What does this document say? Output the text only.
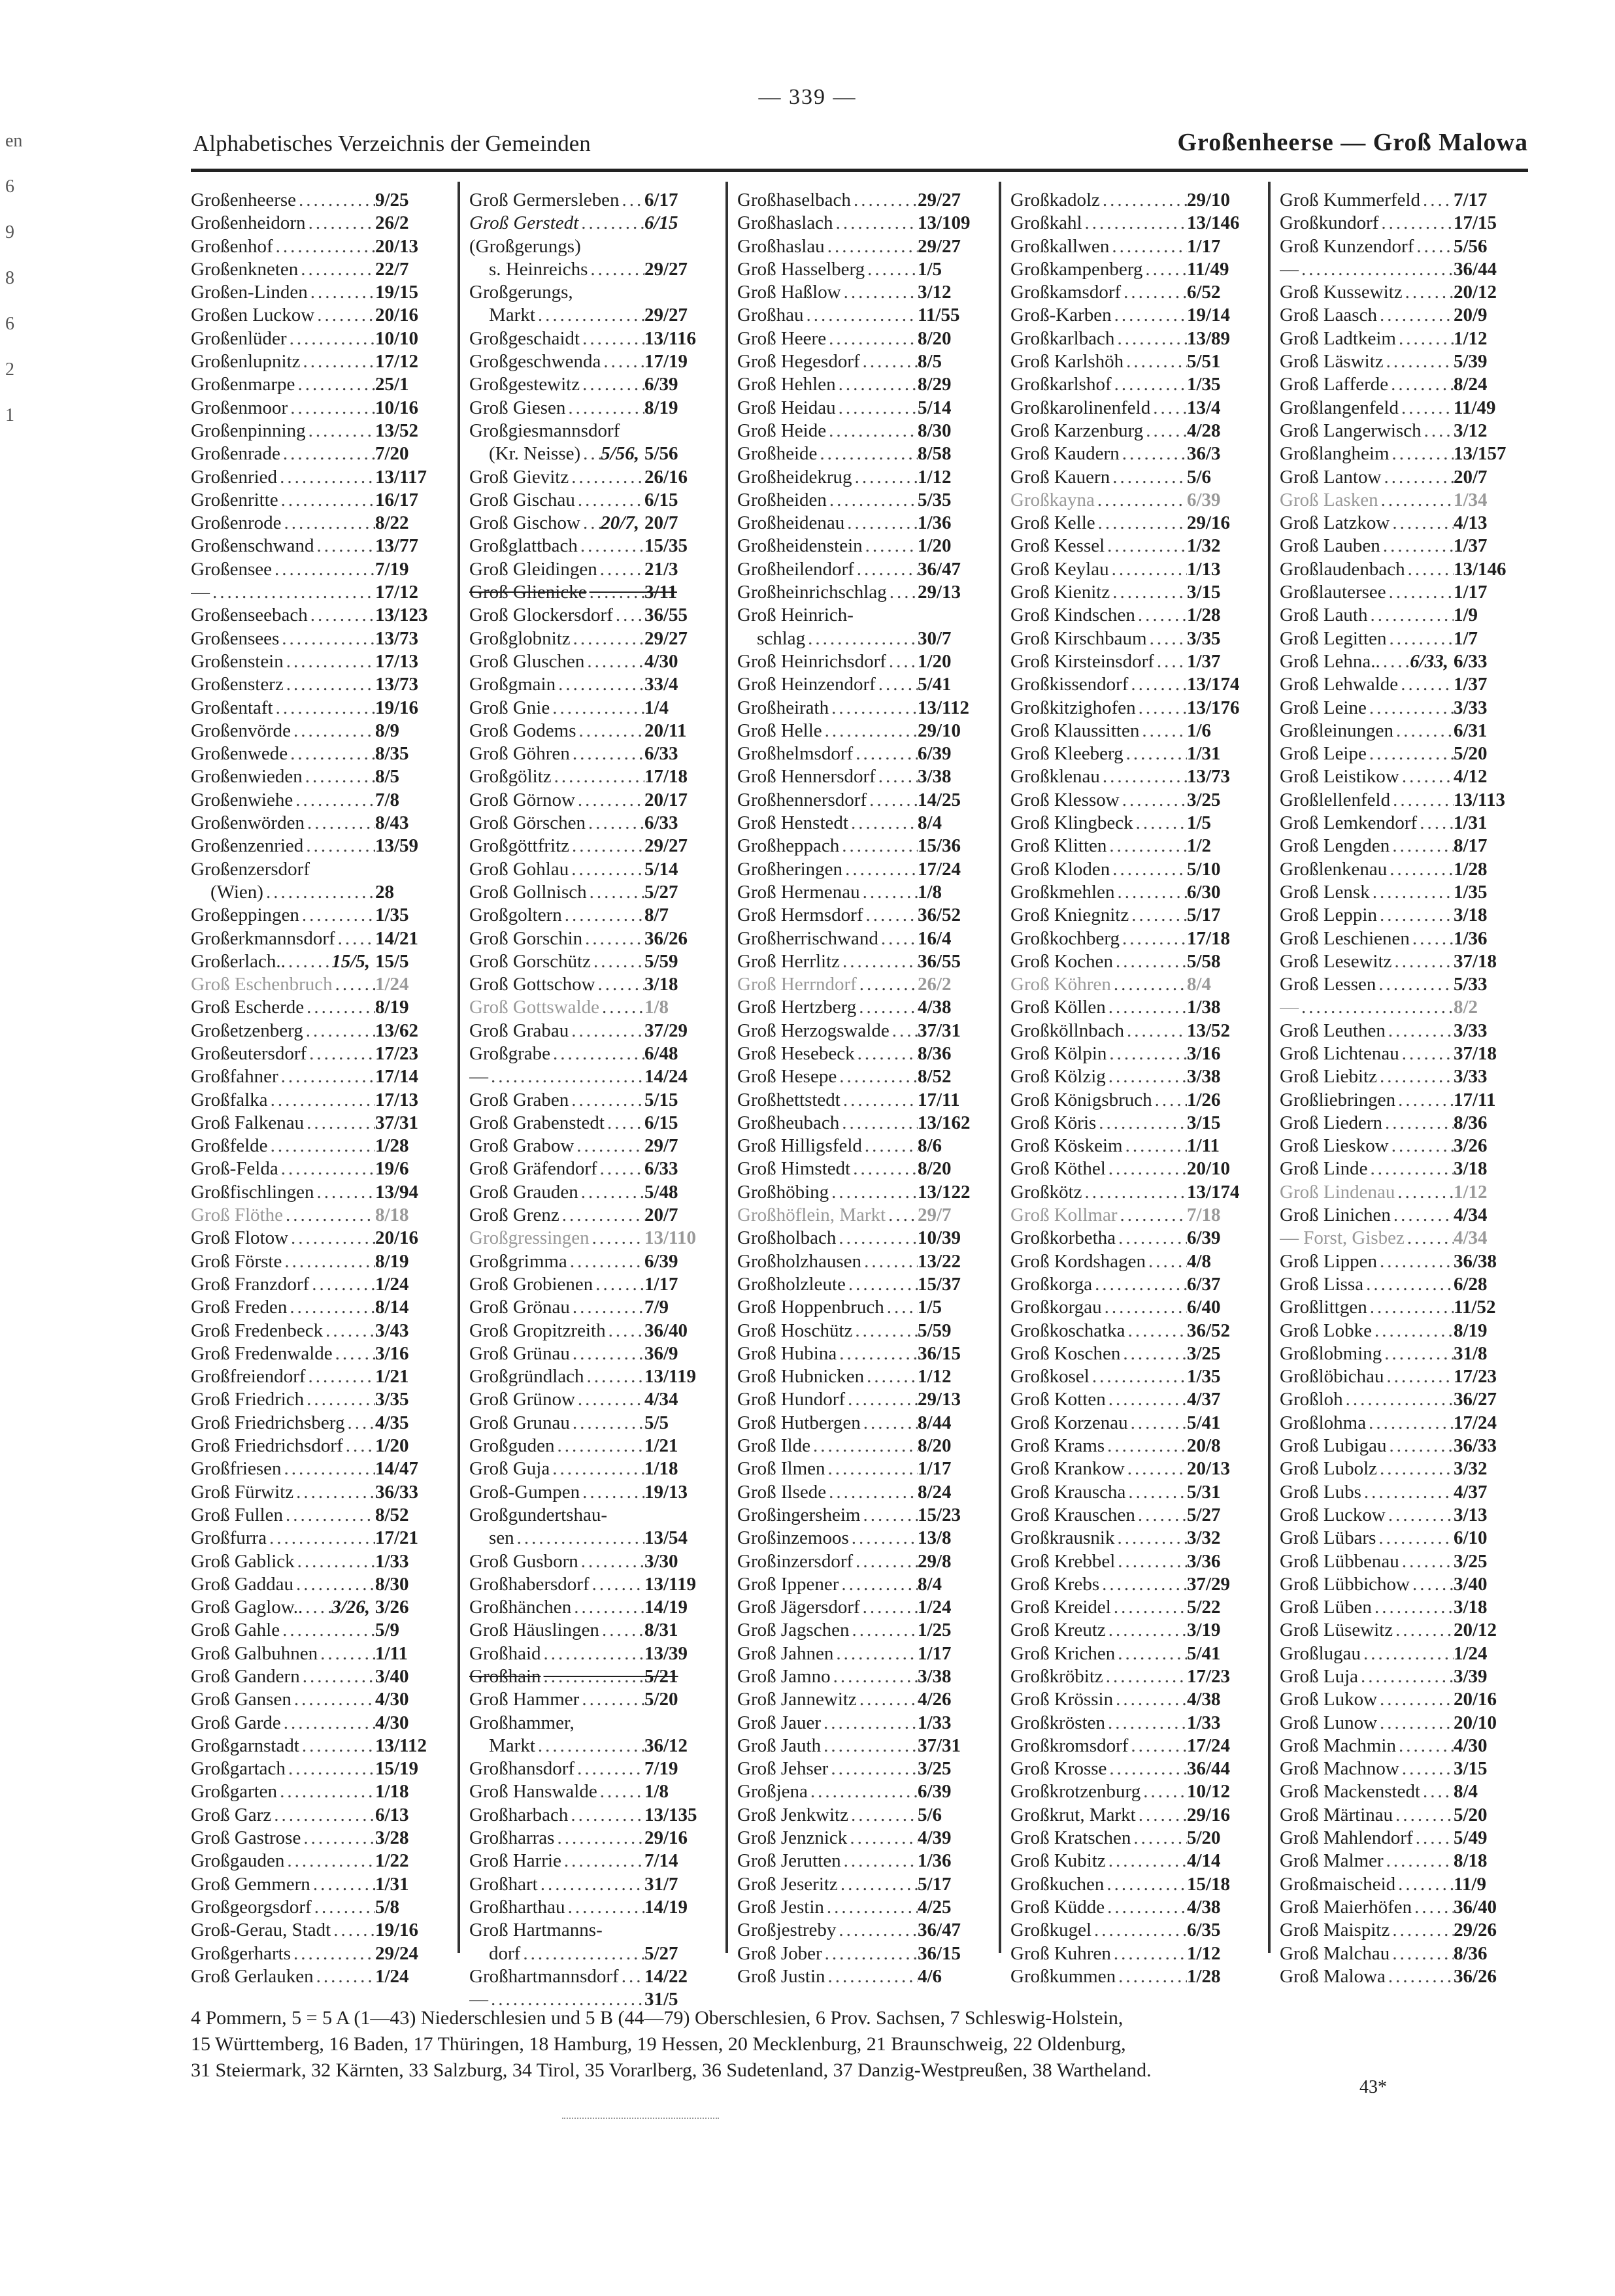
— 339 —
Alphabetisches Verzeichnis der Gemeinden	Großenheerse — Groß Malowa
en
6
9
8
6
2
1
Großenheerse .....	9/25
Großenheidorn .....	26/2
Großenhof .....	20/13
Großenkneten .....	22/7
Großen-Linden .....	19/15
Großen Luckow .....	20/16
Großenlüder .....	10/10
Großenlupnitz .....	17/12
Großenmarpe .....	25/1
Großenmoor .....	10/16
Großenpinning .....	13/52
Großenrade .....	7/20
Großenried .....	13/117
Großenritte .....	16/17
Großenrode .....	8/22
Großenschwand .....	13/77
Großensee .....	7/19
— .....	17/12
Großenseebach .....	13/123
Großensees .....	13/73
Großenstein .....	17/13
Großensterz .....	13/73
Großentaft .....	19/16
Großenvörde .....	8/9
Großenwede .....	8/35
Großenwieden .....	8/5
Großenwiehe .....	7/8
Großenwörden .....	8/43
Großenzenried .....	13/59
Großenzersdorf
(Wien) .....	28
Großeppingen .....	1/35
Großerkmannsdorf ..... 14/21
Großerlach.. ..... 15/5, 15/5
Groß Eschenbruch ..... 1/24
Groß Escherde .....	8/19
Großetzenberg .....	13/62
Großeutersdorf .....	17/23
Großfahner .....	17/14
Großfalka .....	17/13
Groß Falkenau .....	37/31
Großfelde .....	1/28
Groß-Felda .....	19/6
Großfischlingen .....	13/94
Groß Flöthe .....	8/18
Groß Flotow .....	20/16
Groß Förste .....	8/19
Groß Franzdorf .....	1/24
Groß Freden .....	8/14
Groß Fredenbeck .....	3/43
Groß Fredenwalde ..... 3/16
Großfreiendorf .....	1/21
Groß Friedrich .....	3/35
Groß Friedrichsberg ..... 4/35
Groß Friedrichsdorf ..... 1/20
Großfriesen .....	14/47
Groß Fürwitz .....	36/33
Groß Fullen .....	8/52
Großfurra .....	17/21
Groß Gablick .....	1/33
Groß Gaddau .....	8/30
Groß Gaglow.. ..... 3/26, 3/26
Groß Gahle .....	5/9
Groß Galbuhnen .....	1/11
Groß Gandern .....	3/40
Groß Gansen .....	4/30
Groß Garde .....	4/30
Großgarnstadt .....	13/112
Großgartach .....	15/19
Großgarten .....	1/18
Groß Garz .....	6/13
Groß Gastrose .....	3/28
Großgauden .....	1/22
Groß Gemmern .....	1/31
Großgeorgsdorf .....	5/8
Groß-Gerau, Stadt ..... 19/16
Großgerharts .....	29/24
Groß Gerlauken .....	1/24
Groß Germersleben ..... 6/17
Groß Gerstedt .....	6/15
(Großgerungs)
s. Heinreichs .....	29/27
Großgerungs,
Markt .....	29/27
Großgeschaidt .....	13/116
Großgeschwenda ..... 17/19
Großgestewitz .....	6/39
Groß Giesen .....	8/19
Großgiesmannsdorf
(Kr. Neisse) ..... 5/56, 5/56
Groß Gievitz .....	26/16
Groß Gischau .....	6/15
Groß Gischow ..... 20/7, 20/7
Großglattbach .....	15/35
Groß Gleidingen ..... 21/3
Groß Glienicke .....	3/11
Groß Glockersdorf ..... 36/55
Großglobnitz .....	29/27
Groß Gluschen .....	4/30
Großgmain .....	33/4
Groß Gnie .....	1/4
Groß Godems .....	20/11
Groß Göhren .....	6/33
Großgölitz .....	17/18
Groß Görnow .....	20/17
Groß Görschen .....	6/33
Großgöttfritz .....	29/27
Groß Gohlau .....	5/14
Groß Gollnisch .....	5/27
Großgoltern .....	8/7
Groß Gorschin .....	36/26
Groß Gorschütz .....	5/59
Groß Gottschow .....	3/18
Groß Gottswalde ..... 1/8
Groß Grabau .....	37/29
Großgrabe .....	6/48
— .....	14/24
Groß Graben .....	5/15
Groß Grabenstedt ..... 6/15
Groß Grabow .....	29/7
Groß Gräfendorf ..... 6/33
Groß Grauden .....	5/48
Groß Grenz .....	20/7
Großgressingen .....	13/110
Großgrimma .....	6/39
Groß Grobienen .....	1/17
Groß Grönau .....	7/9
Groß Gropitzreith ..... 36/40
Groß Grünau .....	36/9
Großgründlach .....	13/119
Groß Grünow .....	4/34
Groß Grunau .....	5/5
Großguden .....	1/21
Groß Guja .....	1/18
Groß-Gumpen .....	19/13
Großgundertshau-
sen .....	13/54
Groß Gusborn .....	3/30
Großhabersdorf .....	13/119
Großhänchen .....	14/19
Groß Häuslingen ..... 8/31
Großhaid .....	13/39
Großhain .....	5/21
Groß Hammer .....	5/20
Großhammer,
Markt .....	36/12
Großhansdorf .....	7/19
Groß Hanswalde ..... 1/8
Großharbach .....	13/135
Großharras .....	29/16
Groß Harrie .....	7/14
Großhart .....	31/7
Großharthau .....	14/19
Groß Hartmanns-
dorf .....	5/27
Großhartmannsdorf ..... 14/22
— .....	31/5
Großhaselbach .....	29/27
Großhaslach .....	13/109
Großhaslau .....	29/27
Groß Hasselberg .....	1/5
Groß Haßlow .....	3/12
Großhau .....	11/55
Groß Heere .....	8/20
Groß Hegesdorf .....	8/5
Groß Hehlen .....	8/29
Groß Heidau .....	5/14
Groß Heide .....	8/30
Großheide .....	8/58
Großheidekrug .....	1/12
Großheiden .....	5/35
Großheidenau .....	1/36
Großheidenstein .....	1/20
Großheilendorf .....	36/47
Großheinrichschlag ..... 29/13
Groß Heinrich-
schlag .....	30/7
Groß Heinrichsdorf ..... 1/20
Groß Heinzendorf ..... 5/41
Großheirath .....	13/112
Groß Helle .....	29/10
Großhelmsdorf .....	6/39
Groß Hennersdorf ..... 3/38
Großhennersdorf .....	14/25
Groß Henstedt .....	8/4
Großheppach .....	15/36
Großheringen .....	17/24
Groß Hermenau .....	1/8
Groß Hermsdorf .....	36/52
Großherrischwand ..... 16/4
Groß Herrlitz .....	36/55
Groß Herrndorf .....	26/2
Groß Hertzberg .....	4/38
Groß Herzogswalde ..... 37/31
Groß Hesebeck .....	8/36
Groß Hesepe .....	8/52
Großhettstedt .....	17/11
Großheubach .....	13/162
Groß Hilligsfeld .....	8/6
Groß Himstedt .....	8/20
Großhöbing .....	13/122
Großhöflein, Markt ..... 29/7
Großholbach .....	10/39
Großholzhausen .....	13/22
Großholzleute .....	15/37
Groß Hoppenbruch ..... 1/5
Groß Hoschütz .....	5/59
Groß Hubina .....	36/15
Groß Hubnicken .....	1/12
Groß Hundorf .....	29/13
Groß Hutbergen .....	8/44
Groß Ilde .....	8/20
Groß Ilmen .....	1/17
Groß Ilsede .....	8/24
Großingersheim .....	15/23
Großinzemoos .....	13/8
Großinzersdorf .....	29/8
Groß Ippener .....	8/4
Groß Jägersdorf .....	1/24
Groß Jagschen .....	1/25
Groß Jahnen .....	1/17
Groß Jamno .....	3/38
Groß Jannewitz .....	4/26
Groß Jauer .....	1/33
Groß Jauth .....	37/31
Groß Jehser .....	3/25
Großjena .....	6/39
Groß Jenkwitz .....	5/6
Groß Jenznick .....	4/39
Groß Jerutten .....	1/36
Groß Jeseritz .....	5/17
Groß Jestin .....	4/25
Großjestreby .....	36/47
Groß Jober .....	36/15
Groß Justin .....	4/6
Großkadolz .....	29/10
Großkahl .....	13/146
Großkallwen .....	1/17
Großkampenberg ..... 11/49
Großkamsdorf .....	6/52
Groß-Karben .....	19/14
Großkarlbach .....	13/89
Groß Karlshöh .....	5/51
Großkarlshof .....	1/35
Großkarolinenfeld ..... 13/4
Groß Karzenburg ..... 4/28
Groß Kaudern .....	36/3
Groß Kauern .....	5/6
Großkayna .....	6/39
Groß Kelle .....	29/16
Groß Kessel .....	1/32
Groß Keylau .....	1/13
Groß Kienitz .....	3/15
Groß Kindschen .....	1/28
Groß Kirschbaum ..... 3/35
Groß Kirsteinsdorf ..... 1/37
Großkissendorf .....	13/174
Großkitzighofen .....	13/176
Groß Klaussitten .....	1/6
Groß Kleeberg .....	1/31
Großklenau .....	13/73
Groß Klessow .....	3/25
Groß Klingbeck .....	1/5
Groß Klitten .....	1/2
Groß Kloden .....	5/10
Großkmehlen .....	6/30
Groß Kniegnitz .....	5/17
Großkochberg .....	17/18
Groß Kochen .....	5/58
Groß Köhren .....	8/4
Groß Köllen .....	1/38
Großköllnbach .....	13/52
Groß Kölpin .....	3/16
Groß Kölzig .....	3/38
Groß Königsbruch ..... 1/26
Groß Köris .....	3/15
Groß Köskeim .....	1/11
Groß Köthel .....	20/10
Großkötz .....	13/174
Groß Kollmar .....	7/18
Großkorbetha .....	6/39
Groß Kordshagen ..... 4/8
Großkorga .....	6/37
Großkorgau .....	6/40
Großkoschatka .....	36/52
Groß Koschen .....	3/25
Großkosel .....	1/35
Groß Kotten .....	4/37
Groß Korzenau .....	5/41
Groß Krams .....	20/8
Groß Krankow .....	20/13
Groß Krauscha .....	5/31
Groß Krauschen .....	5/27
Großkrausnik .....	3/32
Groß Krebbel .....	3/36
Groß Krebs .....	37/29
Groß Kreidel .....	5/22
Groß Kreutz .....	3/19
Groß Krichen .....	5/41
Großkröbitz .....	17/23
Groß Krössin .....	4/38
Großkrösten .....	1/33
Großkromsdorf .....	17/24
Groß Krosse .....	36/44
Großkrotzenburg ..... 10/12
Großkrut, Markt .....	29/16
Groß Kratschen .....	5/20
Groß Kubitz .....	4/14
Großkuchen .....	15/18
Groß Küdde .....	4/38
Großkugel .....	6/35
Groß Kuhren .....	1/12
Großkummen .....	1/28
Groß Kummerfeld ..... 7/17
Großkundorf .....	17/15
Groß Kunzendorf ..... 5/56
— .....	36/44
Groß Kussewitz .....	20/12
Groß Laasch .....	20/9
Groß Ladtkeim .....	1/12
Groß Läswitz .....	5/39
Groß Lafferde .....	8/24
Großlangenfeld .....	11/49
Groß Langerwisch ..... 3/12
Großlangheim .....	13/157
Groß Lantow .....	20/7
Groß Lasken .....	1/34
Groß Latzkow .....	4/13
Groß Lauben .....	1/37
Großlaudenbach .....	13/146
Großlautersee .....	1/17
Groß Lauth .....	1/9
Groß Legitten .....	1/7
Groß Lehna.. ..... 6/33, 6/33
Groß Lehwalde .....	1/37
Groß Leine .....	3/33
Großleinungen .....	6/31
Groß Leipe .....	5/20
Groß Leistikow .....	4/12
Großlellenfeld .....	13/113
Groß Lemkendorf ..... 1/31
Groß Lengden .....	8/17
Großlenkenau .....	1/28
Groß Lensk .....	1/35
Groß Leppin .....	3/18
Groß Leschienen ..... 1/36
Groß Lesewitz .....	37/18
Groß Lessen .....	5/33
— .....	8/2
Groß Leuthen .....	3/33
Groß Lichtenau .....	37/18
Groß Liebitz .....	3/33
Großliebringen .....	17/11
Groß Liedern .....	8/36
Groß Lieskow .....	3/26
Groß Linde .....	3/18
Groß Lindenau .....	1/12
Groß Linichen .....	4/34
— Forst, Gisbez .....	4/34
Groß Lippen .....	36/38
Groß Lissa .....	6/28
Großlittgen .....	11/52
Groß Lobke .....	8/19
Großlobming .....	31/8
Großlöbichau .....	17/23
Großloh .....	36/27
Großlohma .....	17/24
Groß Lubigau .....	36/33
Groß Lubolz .....	3/32
Groß Lubs .....	4/37
Groß Luckow .....	3/13
Groß Lübars .....	6/10
Groß Lübbenau .....	3/25
Groß Lübbichow ..... 3/40
Groß Lüben .....	3/18
Groß Lüsewitz .....	20/12
Großlugau .....	1/24
Groß Luja .....	3/39
Groß Lukow .....	20/16
Groß Lunow .....	20/10
Groß Machmin .....	4/30
Groß Machnow .....	3/15
Groß Mackenstedt ..... 8/4
Groß Märtinau .....	5/20
Groß Mahlendorf ..... 5/49
Groß Malmer .....	8/18
Großmaischeid .....	11/9
Groß Maierhöfen ..... 36/40
Groß Maispitz .....	29/26
Groß Malchau .....	8/36
Groß Malowa .....	36/26
4 Pommern, 5 = 5 A (1—43) Niederschlesien und 5 B (44—79) Oberschlesien, 6 Prov. Sachsen, 7 Schleswig-Holstein,
15 Württemberg, 16 Baden, 17 Thüringen, 18 Hamburg, 19 Hessen, 20 Mecklenburg, 21 Braunschweig, 22 Oldenburg,
31 Steiermark, 32 Kärnten, 33 Salzburg, 34 Tirol, 35 Vorarlberg, 36 Sudetenland, 37 Danzig-Westpreußen, 38 Wartheland.
43*
